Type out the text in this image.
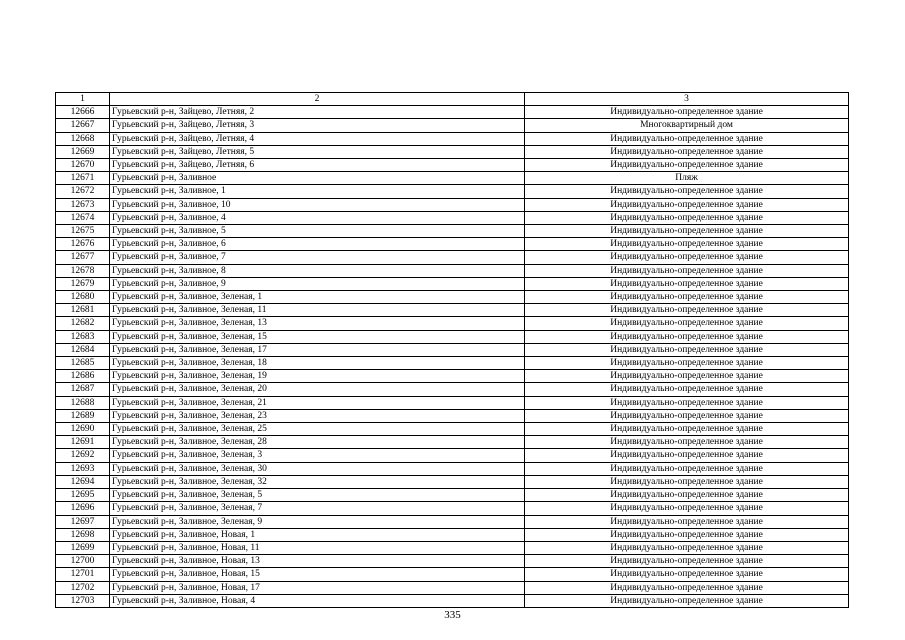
1	2	3
12666	Гурьевский р-н, Зайцево, Летняя, 2	Индивидуально-определенное здание
12667	Гурьевский р-н, Зайцево, Летняя, 3	Многоквартирный дом
12668	Гурьевский р-н, Зайцево, Летняя, 4	Индивидуально-определенное здание
12669	Гурьевский р-н, Зайцево, Летняя, 5	Индивидуально-определенное здание
12670	Гурьевский р-н, Зайцево, Летняя, 6	Индивидуально-определенное здание
12671	Гурьевский р-н, Заливное	Пляж
12672	Гурьевский р-н, Заливное, 1	Индивидуально-определенное здание
12673	Гурьевский р-н, Заливное, 10	Индивидуально-определенное здание
12674	Гурьевский р-н, Заливное, 4	Индивидуально-определенное здание
12675	Гурьевский р-н, Заливное, 5	Индивидуально-определенное здание
12676	Гурьевский р-н, Заливное, 6	Индивидуально-определенное здание
12677	Гурьевский р-н, Заливное, 7	Индивидуально-определенное здание
12678	Гурьевский р-н, Заливное, 8	Индивидуально-определенное здание
12679	Гурьевский р-н, Заливное, 9	Индивидуально-определенное здание
12680	Гурьевский р-н, Заливное, Зеленая, 1	Индивидуально-определенное здание
12681	Гурьевский р-н, Заливное, Зеленая, 11	Индивидуально-определенное здание
12682	Гурьевский р-н, Заливное, Зеленая, 13	Индивидуально-определенное здание
12683	Гурьевский р-н, Заливное, Зеленая, 15	Индивидуально-определенное здание
12684	Гурьевский р-н, Заливное, Зеленая, 17	Индивидуально-определенное здание
12685	Гурьевский р-н, Заливное, Зеленая, 18	Индивидуально-определенное здание
12686	Гурьевский р-н, Заливное, Зеленая, 19	Индивидуально-определенное здание
12687	Гурьевский р-н, Заливное, Зеленая, 20	Индивидуально-определенное здание
12688	Гурьевский р-н, Заливное, Зеленая, 21	Индивидуально-определенное здание
12689	Гурьевский р-н, Заливное, Зеленая, 23	Индивидуально-определенное здание
12690	Гурьевский р-н, Заливное, Зеленая, 25	Индивидуально-определенное здание
12691	Гурьевский р-н, Заливное, Зеленая, 28	Индивидуально-определенное здание
12692	Гурьевский р-н, Заливное, Зеленая, 3	Индивидуально-определенное здание
12693	Гурьевский р-н, Заливное, Зеленая, 30	Индивидуально-определенное здание
12694	Гурьевский р-н, Заливное, Зеленая, 32	Индивидуально-определенное здание
12695	Гурьевский р-н, Заливное, Зеленая, 5	Индивидуально-определенное здание
12696	Гурьевский р-н, Заливное, Зеленая, 7	Индивидуально-определенное здание
12697	Гурьевский р-н, Заливное, Зеленая, 9	Индивидуально-определенное здание
12698	Гурьевский р-н, Заливное, Новая, 1	Индивидуально-определенное здание
12699	Гурьевский р-н, Заливное, Новая, 11	Индивидуально-определенное здание
12700	Гурьевский р-н, Заливное, Новая, 13	Индивидуально-определенное здание
12701	Гурьевский р-н, Заливное, Новая, 15	Индивидуально-определенное здание
12702	Гурьевский р-н, Заливное, Новая, 17	Индивидуально-определенное здание
12703	Гурьевский р-н, Заливное, Новая, 4	Индивидуально-определенное здание
335
